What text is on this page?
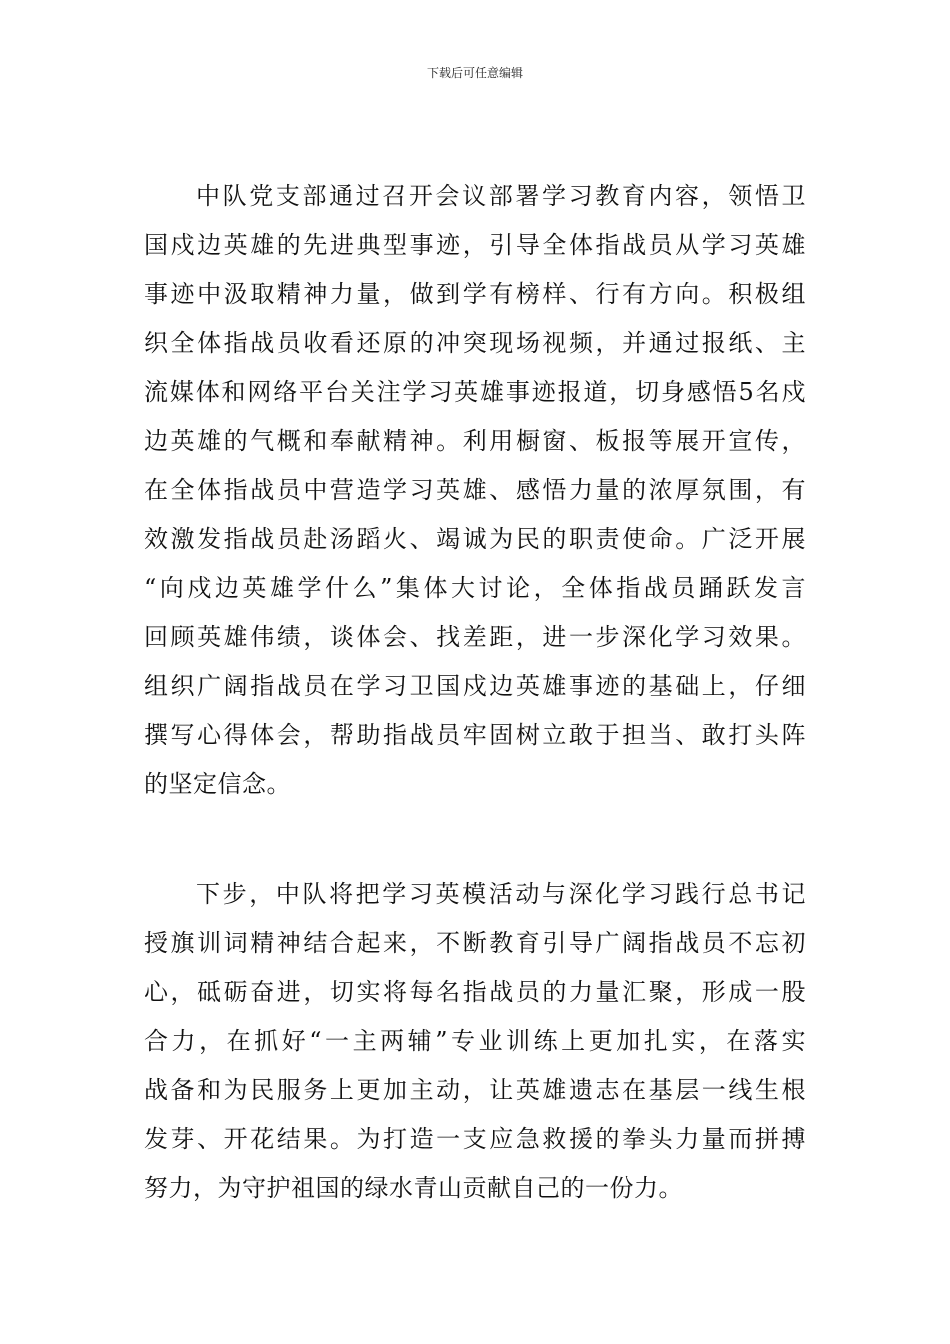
下载后可任意编辑
中队党支部通过召开会议部署学习教育内容，领悟卫
国戍边英雄的先进典型事迹，引导全体指战员从学习英雄
事迹中汲取精神力量，做到学有榜样、行有方向。积极组
织全体指战员收看还原的冲突现场视频，并通过报纸、主
流媒体和网络平台关注学习英雄事迹报道，切身感悟5名戍
边英雄的气概和奉献精神。利用橱窗、板报等展开宣传，
在全体指战员中营造学习英雄、感悟力量的浓厚氛围，有
效激发指战员赴汤蹈火、竭诚为民的职责使命。广泛开展
“向戍边英雄学什么”集体大讨论，全体指战员踊跃发言
回顾英雄伟绩，谈体会、找差距，进一步深化学习效果。
组织广阔指战员在学习卫国戍边英雄事迹的基础上，仔细
撰写心得体会，帮助指战员牢固树立敢于担当、敢打头阵
的坚定信念。
下步，中队将把学习英模活动与深化学习践行总书记
授旗训词精神结合起来，不断教育引导广阔指战员不忘初
心，砥砺奋进，切实将每名指战员的力量汇聚，形成一股
合力，在抓好“一主两辅”专业训练上更加扎实，在落实
战备和为民服务上更加主动，让英雄遗志在基层一线生根
发芽、开花结果。为打造一支应急救援的拳头力量而拼搏
努力，为守护祖国的绿水青山贡献自己的一份力。
